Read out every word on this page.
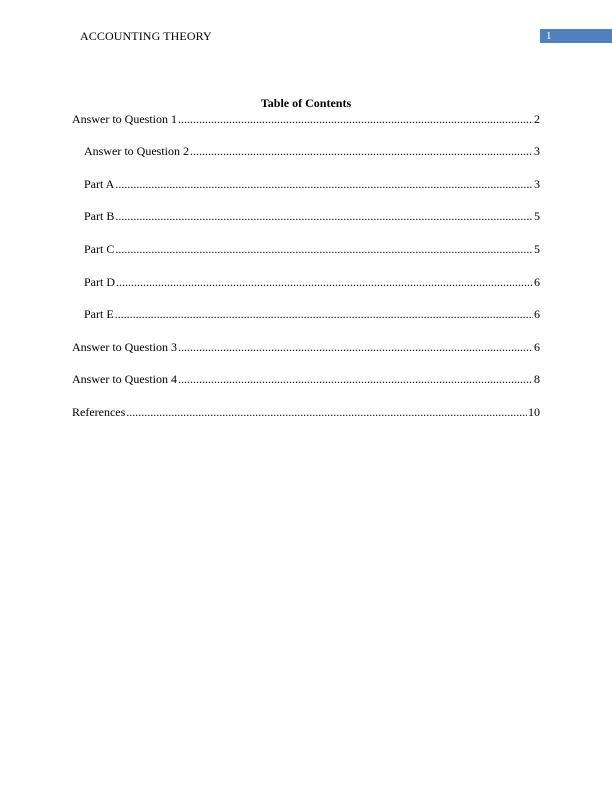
ACCOUNTING THEORY	1
Table of Contents
Answer to Question 1 .....	2
Answer to Question 2 .....	3
Part A .....	3
Part B .....	5
Part C .....	5
Part D .....	6
Part E .....	6
Answer to Question 3 .....	6
Answer to Question 4 .....	8
References .....	10
